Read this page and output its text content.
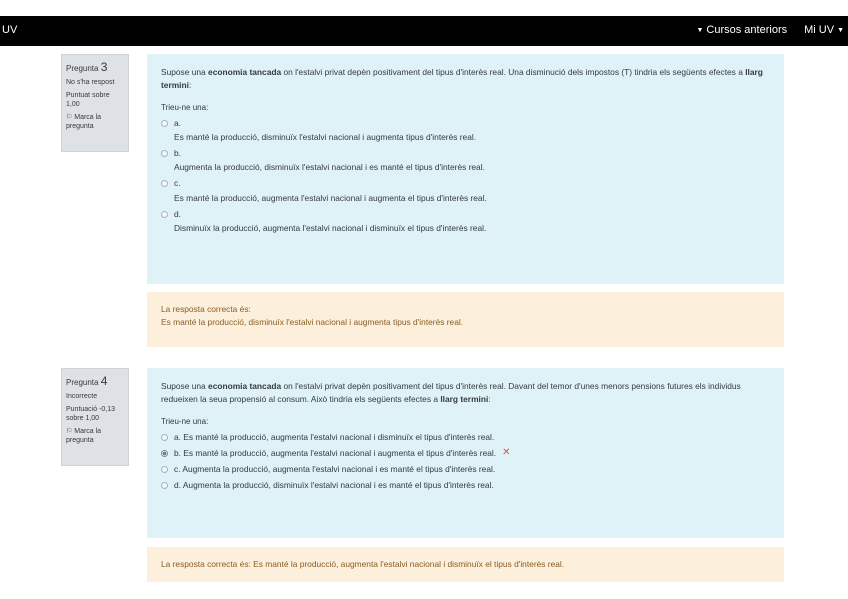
UV	▼ Cursos anteriors Mi UV ▼
Pregunta 3
No s'ha respost
Puntuat sobre 1,00
⚐ Marca la pregunta
Supose una economia tancada on l'estalvi privat depèn positivament del tipus d'interès real. Una disminució dels impostos (T) tindria els següents efectes a llarg termini:
Trieu-ne una:
a.
Es manté la producció, disminuïx l'estalvi nacional i augmenta tipus d'interès real.
b.
Augmenta la producció, disminuïx l'estalvi nacional i es manté el tipus d'interès real.
c.
Es manté la producció, augmenta l'estalvi nacional i augmenta el tipus d'interès real.
d.
Disminuïx la producció, augmenta l'estalvi nacional i disminuïx el tipus d'interès real.
La resposta correcta és:
Es manté la producció, disminuïx l'estalvi nacional i augmenta tipus d'interès real.
Pregunta 4
Incorrecte
Puntuació -0,13 sobre 1,00
⚐ Marca la pregunta
Supose una economia tancada on l'estalvi privat depèn positivament del tipus d'interès real. Davant del temor d'unes menors pensions futures els individus redueixen la seua propensió al consum. Això tindria els següents efectes a llarg termini:
Trieu-ne una:
a. Es manté la producció, augmenta l'estalvi nacional i disminuïx el tipus d'interès real.
b. Es manté la producció, augmenta l'estalvi nacional i augmenta el tipus d'interès real. ✕
c. Augmenta la producció, augmenta l'estalvi nacional i es manté el tipus d'interès real.
d. Augmenta la producció, disminuïx l'estalvi nacional i es manté el tipus d'interès real.
La resposta correcta és: Es manté la producció, augmenta l'estalvi nacional i disminuïx el tipus d'interès real.
